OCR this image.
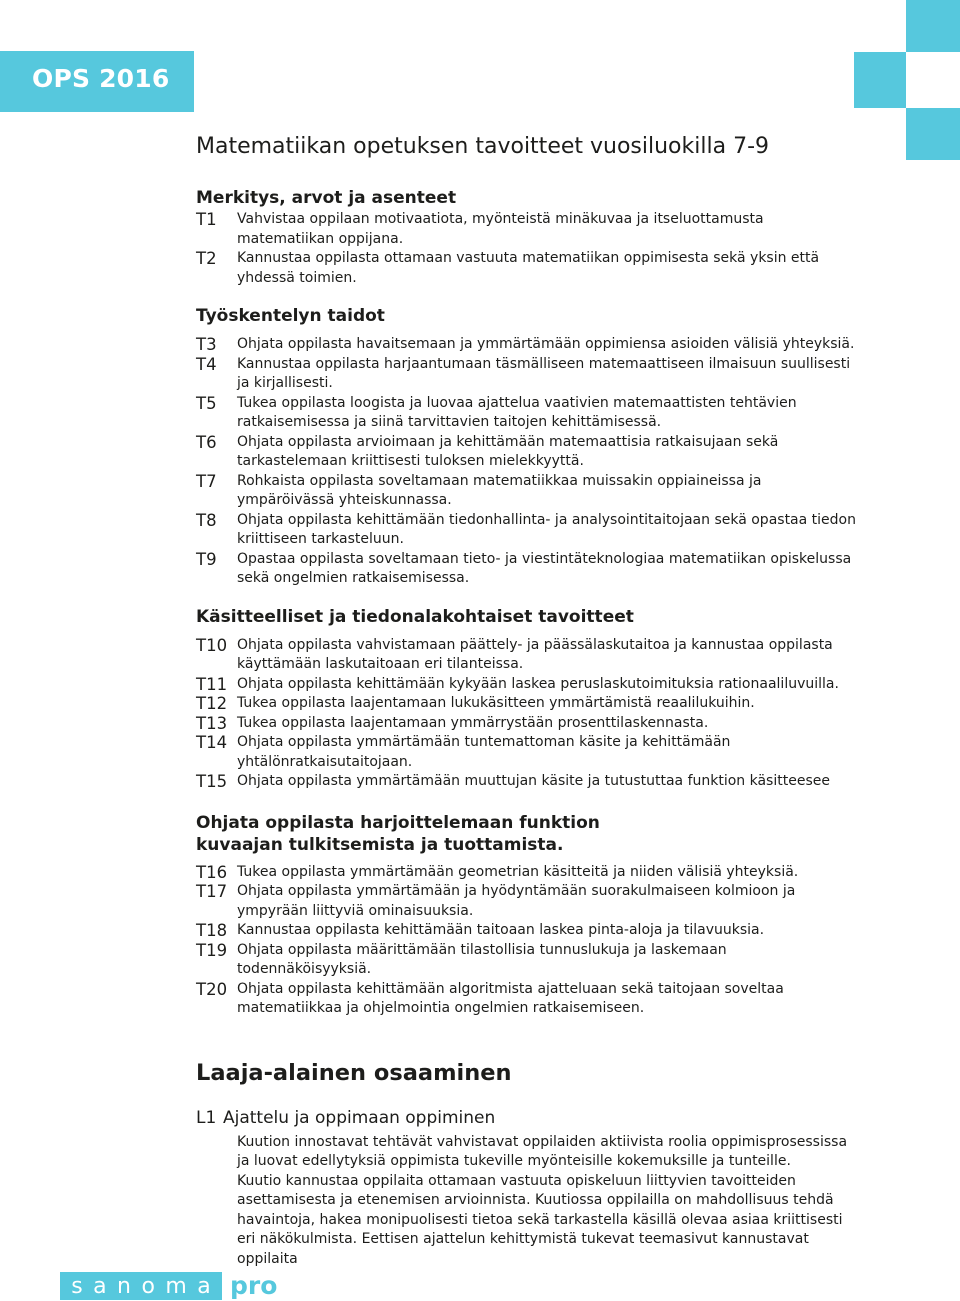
OPS 2016
Matematiikan opetuksen tavoitteet vuosiluokilla 7-9
Merkitys, arvot ja asenteet
T1 Vahvistaa oppilaan motivaatiota, myönteistä minäkuvaa ja itseluottamusta matematiikan oppijana.
T2 Kannustaa oppilasta ottamaan vastuuta matematiikan oppimisesta sekä yksin että yhdessä toimien.
Työskentelyn taidot
T3 Ohjata oppilasta havaitsemaan ja ymmärtämään oppimiensa asioiden välisiä yhteyksiä.
T4 Kannustaa oppilasta harjaantumaan täsmälliseen matemaattiseen ilmaisuun suullisesti ja kirjallisesti.
T5 Tukea oppilasta loogista ja luovaa ajattelua vaativien matemaattisten tehtävien ratkaisemisessa ja siinä tarvittavien taitojen kehittämisessä.
T6 Ohjata oppilasta arvioimaan ja kehittämään matemaattisia ratkaisujaan sekä tarkastelemaan kriittisesti tuloksen mielekkyyttä.
T7 Rohkaista oppilasta soveltamaan matematiikkaa muissakin oppiaineissa ja ympäröivässä yhteiskunnassa.
T8 Ohjata oppilasta kehittämään tiedonhallinta- ja analysointitaitojaan sekä opastaa tiedon kriittiseen tarkasteluun.
T9 Opastaa oppilasta soveltamaan tieto- ja viestintäteknologiaa matematiikan opiskelussa sekä ongelmien ratkaisemisessa.
Käsitteelliset ja tiedonalakohtaiset tavoitteet
T10 Ohjata oppilasta vahvistamaan päättely- ja päässälaskutaitoa ja kannustaa oppilasta käyttämään laskutaitoaan eri tilanteissa.
T11 Ohjata oppilasta kehittämään kykyään laskea peruslaskutoimituksia rationaaliluvuilla.
T12 Tukea oppilasta laajentamaan lukukäsitteen ymmärtämistä reaalilukuihin.
T13 Tukea oppilasta laajentamaan ymmärrystään prosenttilaskennasta.
T14 Ohjata oppilasta ymmärtämään tuntemattoman käsite ja kehittämään yhtälönratkaisutaitojaan.
T15 Ohjata oppilasta ymmärtämään muuttujan käsite ja tutustuttaa funktion käsitteesee
Ohjata oppilasta harjoittelemaan funktion kuvaajan tulkitsemista ja tuottamista.
T16 Tukea oppilasta ymmärtämään geometrian käsitteitä ja niiden välisiä yhteyksiä.
T17 Ohjata oppilasta ymmärtämään ja hyödyntämään suorakulmaiseen kolmioon ja ympyrään liittyviä ominaisuuksia.
T18 Kannustaa oppilasta kehittämään taitoaan laskea pinta-aloja ja tilavuuksia.
T19 Ohjata oppilasta määrittämään tilastollisia tunnuslukuja ja laskemaan todennäköisyyksiä.
T20 Ohjata oppilasta kehittämään algoritmista ajatteluaan sekä taitojaan soveltaa matematiikkaa ja ohjelmointia ongelmien ratkaisemiseen.
Laaja-alainen osaaminen
L1 Ajattelu ja oppimaan oppiminen
Kuution innostavat tehtävät vahvistavat oppilaiden aktiivista roolia oppimisprosessissa ja luovat edellytyksiä oppimista tukeville myönteisille kokemuksille ja tunteille.
Kuutio kannustaa oppilaita ottamaan vastuuta opiskeluun liittyvien tavoitteiden asettamisesta ja etenemisen arvioinnista. Kuutiossa oppilailla on mahdollisuus tehdä havaintoja, hakea monipuolisesti tietoa sekä tarkastella käsillä olevaa asiaa kriittisesti eri näkökulmista. Eettisen ajattelun kehittymistä tukevat teemasivut kannustavat oppilaita
s a n o m a pro
